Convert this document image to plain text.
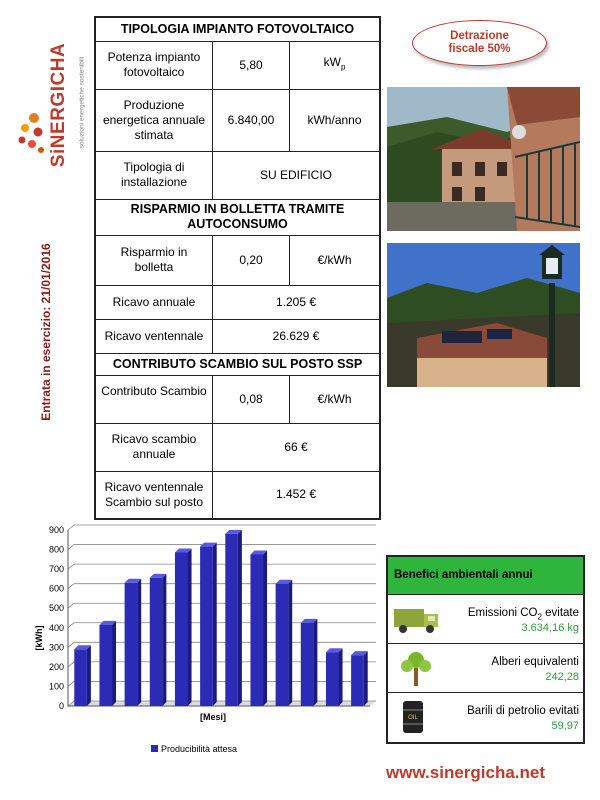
SiNERGICHA soluzioni energetiche sostenibili
Entrata in esercizio: 21/01/2016
TIPOLOGIA IMPIANTO FOTOVOLTAICO		
Potenza impianto fotovoltaico	5,80	$kW_p$
Produzione energetica annuale stimata	6.840,00	kWh/anno
Tipologia di installazione	SU EDIFICIO	
RISPARMIO IN BOLLETTA TRAMITE AUTOCONSUMO		
Risparmio in bolletta	0,20	€/kWh
Ricavo annuale	1.205 €	
Ricavo ventennale	26.629 €	
CONTRIBUTO SCAMBIO SUL POSTO SSP		
Contributo Scambio	0,08	€/kWh
Ricavo scambio annuale	66 €	
Ricavo ventennale Scambio sul posto	1.452 €	
Detrazione
fiscale 50%
0
100
200
300
400
500
600
700
800
900
[kWh]
[Mesi]
Producibilità attesa
Benefici ambientali annui
Emissioni $CO_2$ evitate
3.634,16 kg
Alberi equivalenti
242,28
OIL
Barili di petrolio evitati
59,97
www.sinergicha.net
